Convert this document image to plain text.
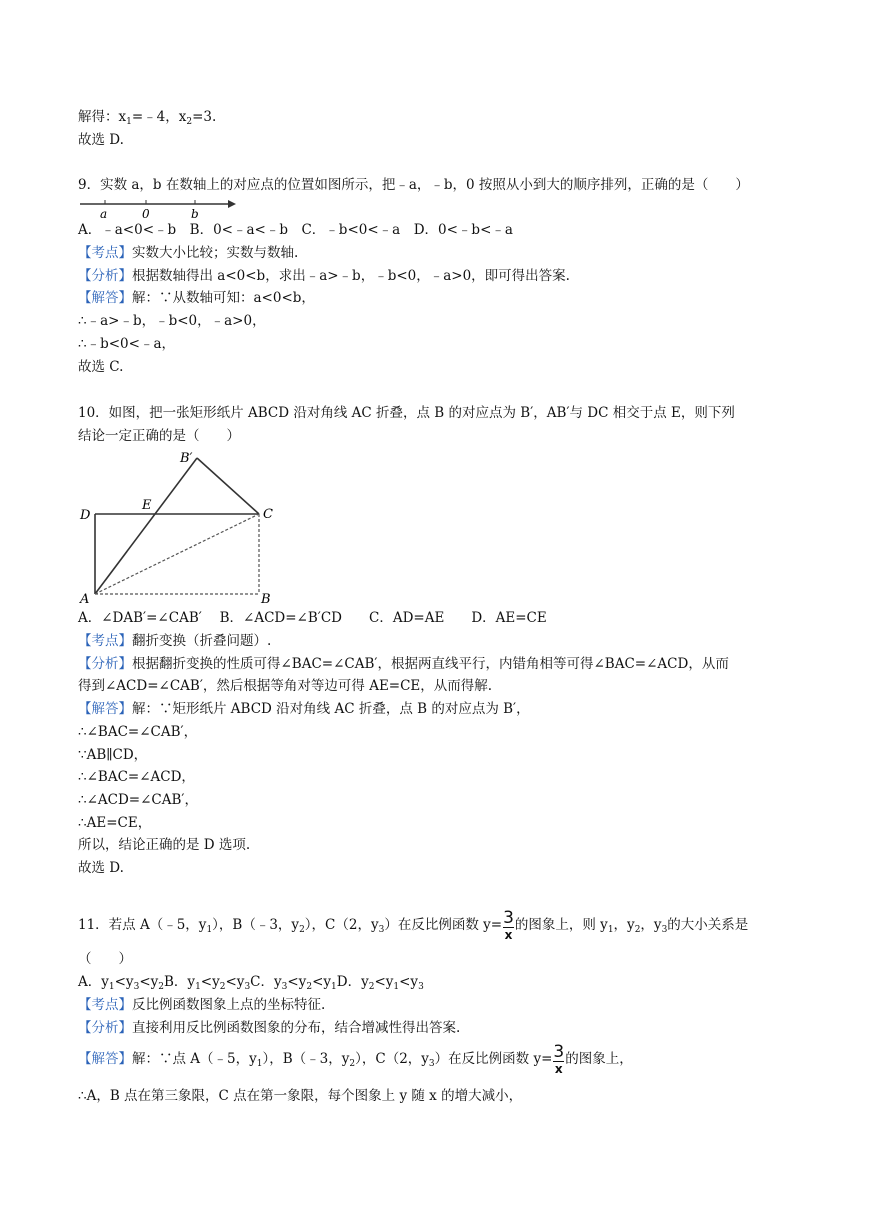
解得：$x_1=﹣4$，$x_2=3$.
故选 D.
9．实数 a，b 在数轴上的对应点的位置如图所示，把﹣a，﹣b，0 按照从小到大的顺序排列，正确的是（　　）
a	0	b
A．﹣a<0<﹣b　B．0<﹣a<﹣b　C．﹣b<0<﹣a　D．0<﹣b<﹣a
【考点】实数大小比较；实数与数轴.
【分析】根据数轴得出 a<0<b，求出﹣a>﹣b，﹣b<0，﹣a>0，即可得出答案.
【解答】解：∵从数轴可知：a<0<b，
∴﹣a>﹣b，﹣b<0，﹣a>0，
∴﹣b<0<﹣a，
故选 C.
10．如图，把一张矩形纸片 ABCD 沿对角线 AC 折叠，点 B 的对应点为 B′，AB′与 DC 相交于点 E，则下列
结论一定正确的是（　　）
B′
D
E
C
A	B
A．∠DAB′=∠CAB′　 B．∠ACD=∠B′CD　　C．AD=AE　　D．AE=CE
【考点】翻折变换（折叠问题）.
【分析】根据翻折变换的性质可得∠BAC=∠CAB′，根据两直线平行，内错角相等可得∠BAC=∠ACD，从而
得到∠ACD=∠CAB′，然后根据等角对等边可得 AE=CE，从而得解.
【解答】解：∵矩形纸片 ABCD 沿对角线 AC 折叠，点 B 的对应点为 B′，
∴∠BAC=∠CAB′，
∵AB∥CD，
∴∠BAC=∠ACD，
∴∠ACD=∠CAB′，
∴AE=CE，
所以，结论正确的是 D 选项.
故选 D.
11．若点 A（﹣5，$y_1$），B（﹣3，$y_2$），C（2，$y_3$）在反比例函数 $y= \frac{3}{x}$ 的图象上，则 $y_1$，$y_2$，$y_3$的大小关系是
（　　）
A．$y_1<y_3<y_2B$．$y_1<y_2<y_3C$．$y_3<y_2<y_1D$．$y_2<y_1<y_3$
【考点】反比例函数图象上点的坐标特征.
【分析】直接利用反比例函数图象的分布，结合增减性得出答案.
【解答】解：∵点 A（﹣5，$y_1$），B（﹣3，$y_2$），C（2，$y_3$）在反比例函数 $y= \frac{3}{x}$ 的图象上，
∴A，B 点在第三象限，C 点在第一象限，每个图象上 y 随 x 的增大减小，
